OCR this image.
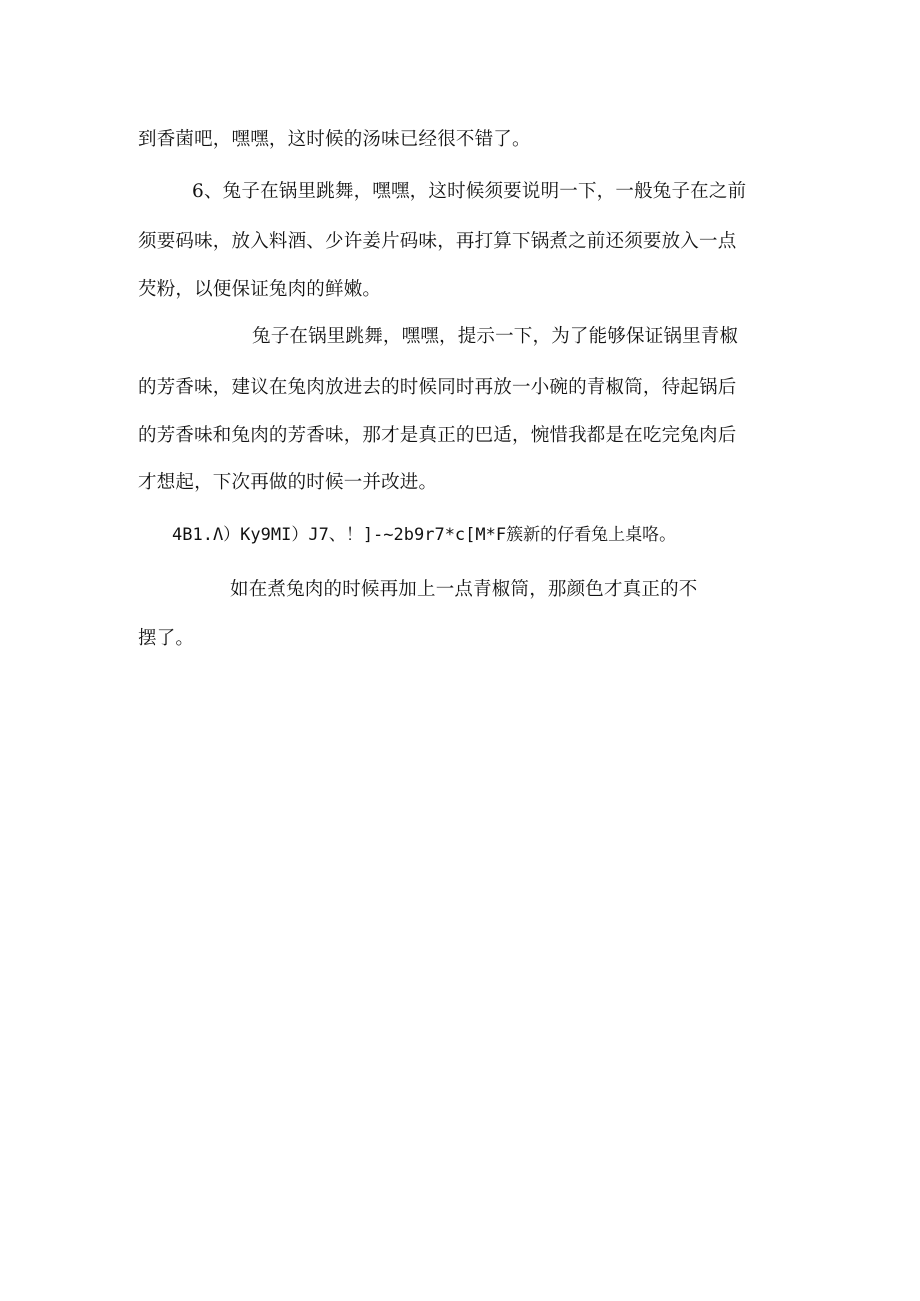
到香菌吧，嘿嘿，这时候的汤味已经很不错了。
6、兔子在锅里跳舞，嘿嘿，这时候须要说明一下，一般兔子在之前
须要码味，放入料酒、少许姜片码味，再打算下锅煮之前还须要放入一点
芡粉，以便保证兔肉的鲜嫩。
兔子在锅里跳舞，嘿嘿，提示一下，为了能够保证锅里青椒
的芳香味，建议在兔肉放进去的时候同时再放一小碗的青椒筒，待起锅后
的芳香味和兔肉的芳香味，那才是真正的巴适，惋惜我都是在吃完兔肉后
才想起，下次再做的时候一并改进。
4B1.Λ）Ky9MI）J7、！]-~2b9r7*c[M*F簇新的仔看兔上桌咯。
如在煮兔肉的时候再加上一点青椒筒，那颜色才真正的不
摆了。
